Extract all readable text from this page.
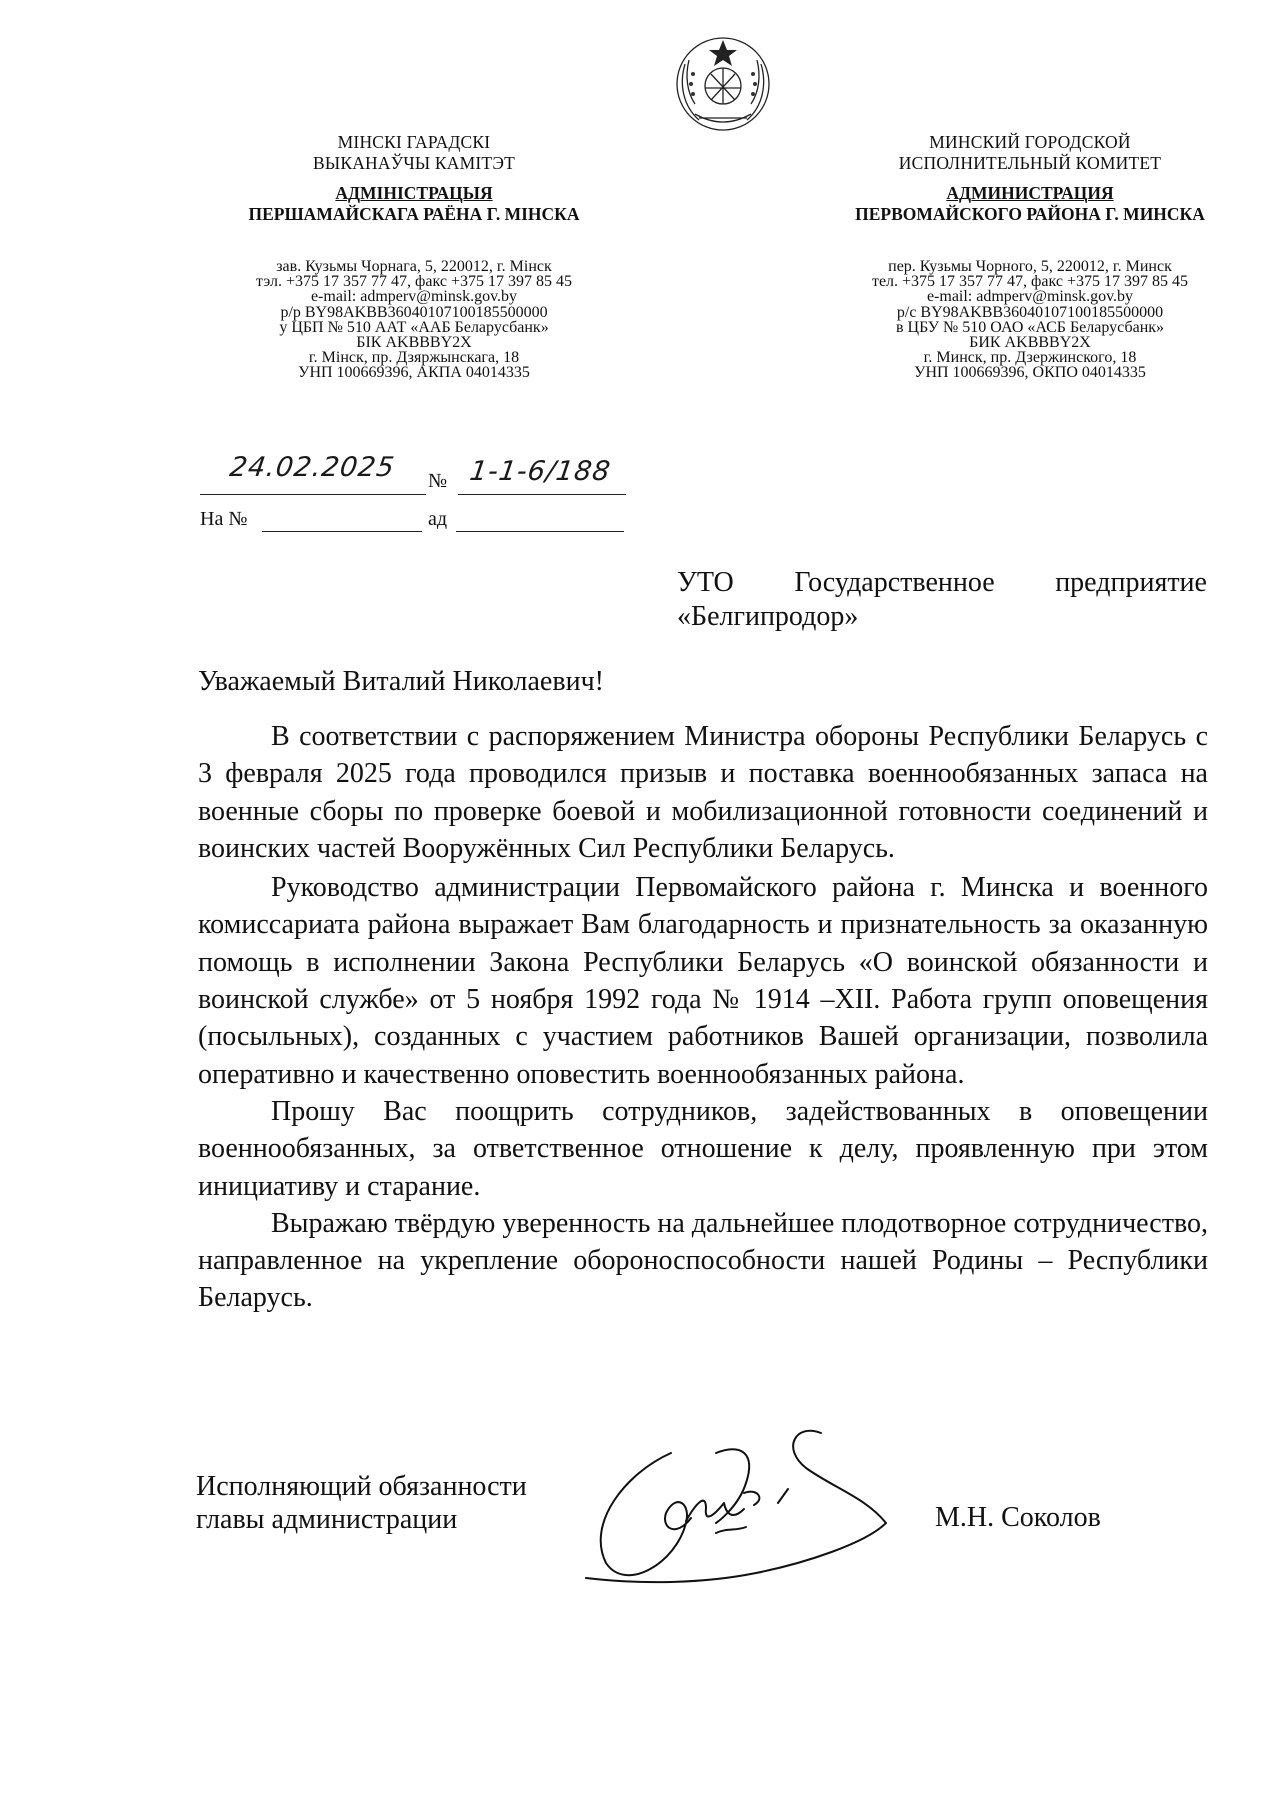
МІНСКІ ГАРАДСКІ
ВЫКАНАЎЧЫ КАМІТЭТ
АДМІНІСТРАЦЫЯ
ПЕРШАМАЙСКАГА РАЁНА Г. МІНСКА
зав. Кузьмы Чорнага, 5, 220012, г. Мінск
тэл. +375 17 357 77 47, факс +375 17 397 85 45
e-mail: admperv@minsk.gov.by
р/р BY98AKBB36040107100185500000
у ЦБП № 510 ААТ «ААБ Беларусбанк»
БІК AKBBBY2X
г. Мінск, пр. Дзяржынскага, 18
УНП 100669396, АКПА 04014335
МИНСКИЙ ГОРОДСКОЙ
ИСПОЛНИТЕЛЬНЫЙ КОМИТЕТ
АДМИНИСТРАЦИЯ
ПЕРВОМАЙСКОГО РАЙОНА Г. МИНСКА
пер. Кузьмы Чорного, 5, 220012, г. Минск
тел. +375 17 357 77 47, факс +375 17 397 85 45
e-mail: admperv@minsk.gov.by
р/с BY98AKBB36040107100185500000
в ЦБУ № 510 ОАО «АСБ Беларусбанк»
БИК AKBBBY2X
г. Минск, пр. Дзержинского, 18
УНП 100669396, ОКПО 04014335
24.02.2025 № 1-1-6/188
На №	ад
УТО Государственное предприятие
«Белгипродор»
Уважаемый Виталий Николаевич!

В соответствии с распоряжением Министра обороны Республики Беларусь с 3 февраля 2025 года проводился призыв и поставка военнообязанных запаса на военные сборы по проверке боевой и мобилизационной готовности соединений и воинских частей Вооружённых Сил Республики Беларусь.

Руководство администрации Первомайского района г. Минска и военного комиссариата района выражает Вам благодарность и признательность за оказанную помощь в исполнении Закона Республики Беларусь «О воинской обязанности и воинской службе» от 5 ноября 1992 года № 1914 –XII. Работа групп оповещения (посыльных), созданных с участием работников Вашей организации, позволила оперативно и качественно оповестить военнообязанных района.

Прошу Вас поощрить сотрудников, задействованных в оповещении военнообязанных, за ответственное отношение к делу, проявленную при этом инициативу и старание.

Выражаю твёрдую уверенность на дальнейшее плодотворное сотрудничество, направленное на укрепление обороноспособности нашей Родины – Республики Беларусь.

Исполняющий обязанности
главы администрации	М.Н. Соколов
